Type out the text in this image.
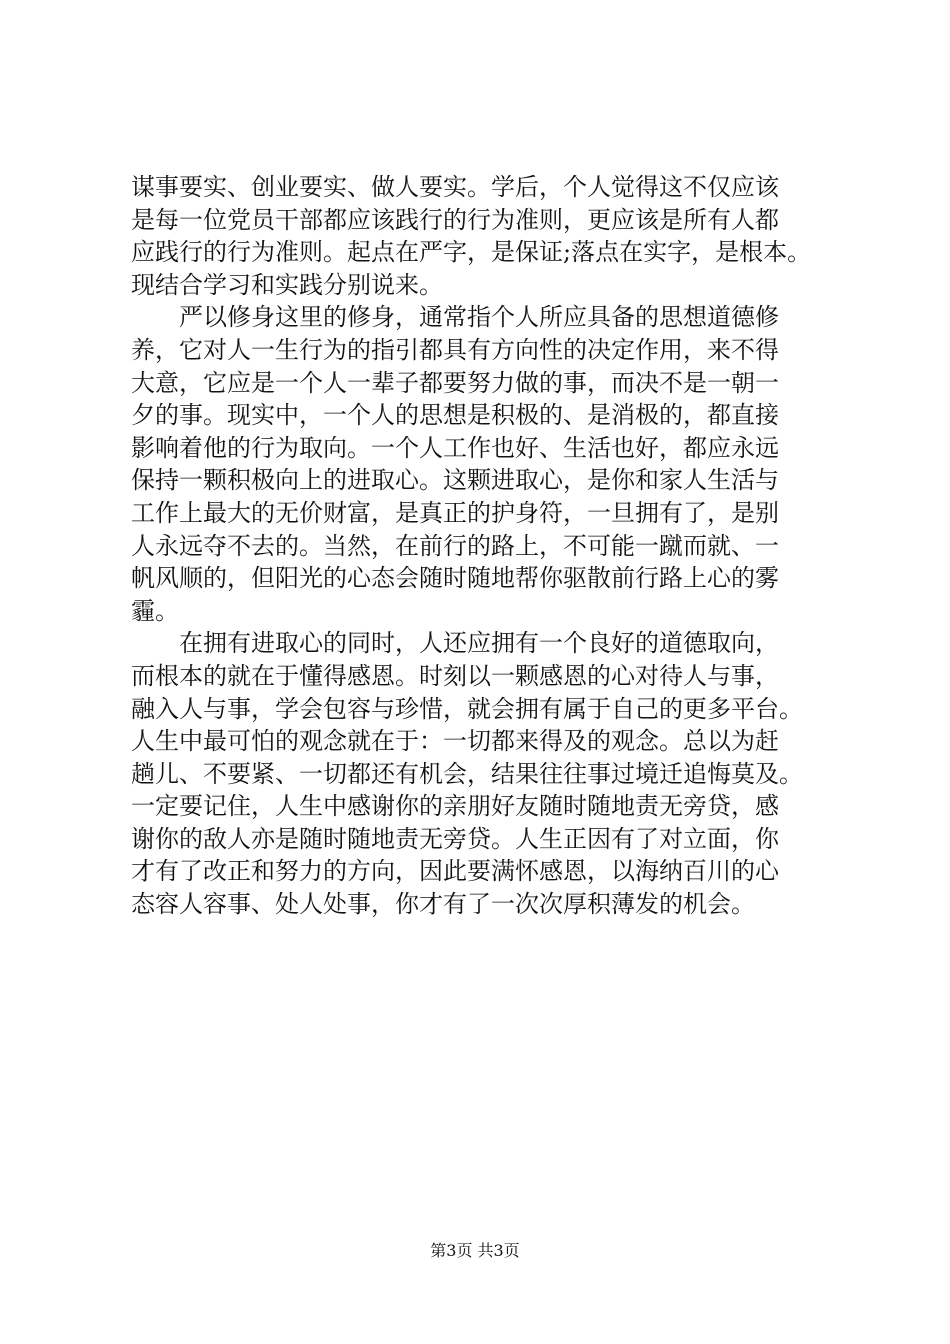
谋事要实、创业要实、做人要实。学后，个人觉得这不仅应该
是每一位党员干部都应该践行的行为准则，更应该是所有人都
应践行的行为准则。起点在严字，是保证;落点在实字，是根本。
现结合学习和实践分别说来。
　　严以修身这里的修身，通常指个人所应具备的思想道德修
养，它对人一生行为的指引都具有方向性的决定作用，来不得
大意，它应是一个人一辈子都要努力做的事，而决不是一朝一
夕的事。现实中，一个人的思想是积极的、是消极的，都直接
影响着他的行为取向。一个人工作也好、生活也好，都应永远
保持一颗积极向上的进取心。这颗进取心，是你和家人生活与
工作上最大的无价财富，是真正的护身符，一旦拥有了，是别
人永远夺不去的。当然，在前行的路上，不可能一蹴而就、一
帆风顺的，但阳光的心态会随时随地帮你驱散前行路上心的雾
霾。
　　在拥有进取心的同时，人还应拥有一个良好的道德取向，
而根本的就在于懂得感恩。时刻以一颗感恩的心对待人与事，
融入人与事，学会包容与珍惜，就会拥有属于自己的更多平台。
人生中最可怕的观念就在于：一切都来得及的观念。总以为赶
趟儿、不要紧、一切都还有机会，结果往往事过境迁追悔莫及。
一定要记住，人生中感谢你的亲朋好友随时随地责无旁贷，感
谢你的敌人亦是随时随地责无旁贷。人生正因有了对立面，你
才有了改正和努力的方向，因此要满怀感恩，以海纳百川的心
态容人容事、处人处事，你才有了一次次厚积薄发的机会。
第3页 共3页
